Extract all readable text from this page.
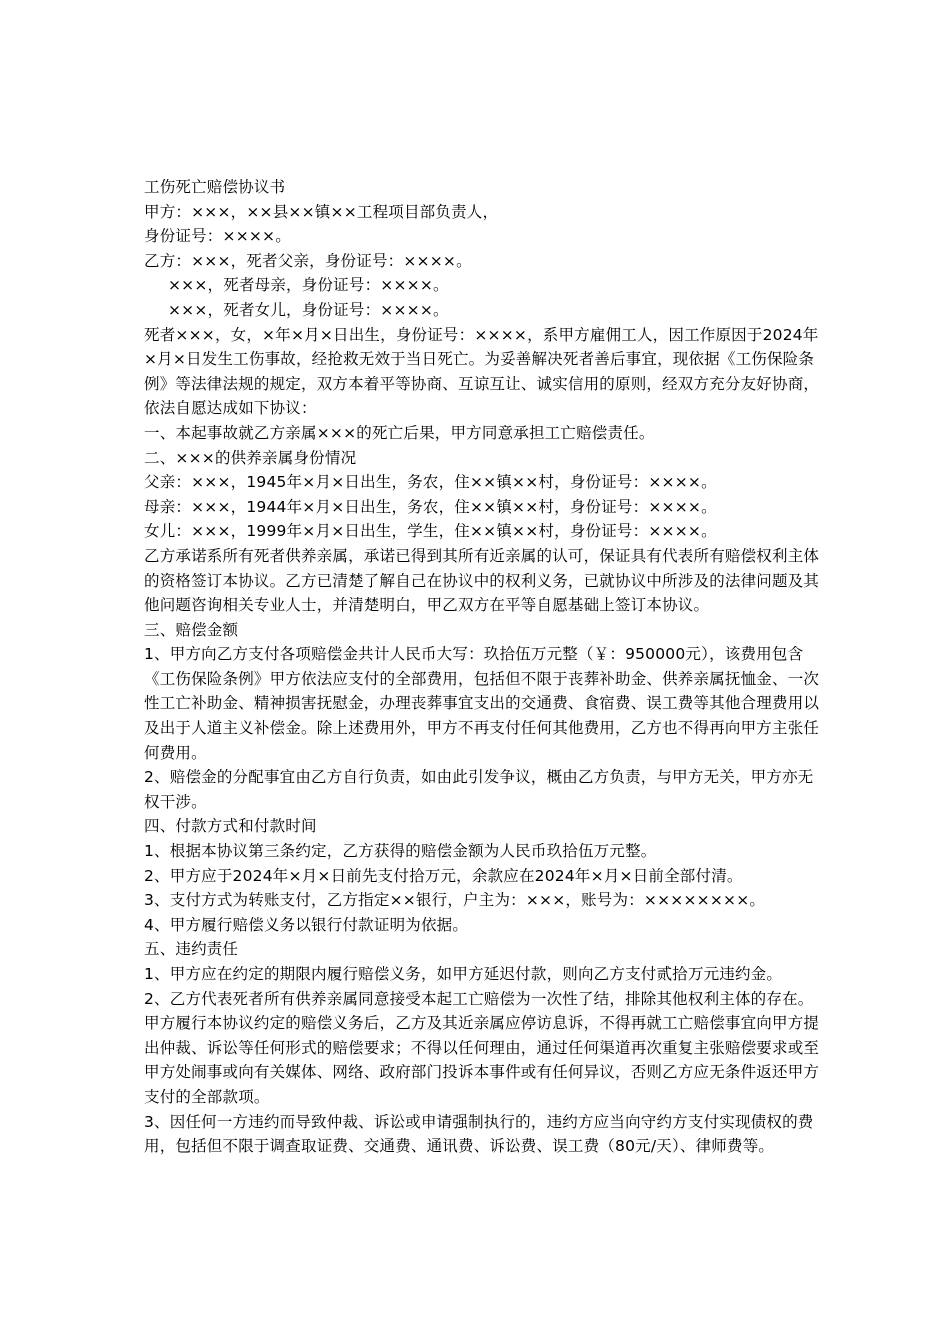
工伤死亡赔偿协议书

甲方：×××，××县××镇××工程项目部负责人，

身份证号：××××。

乙方：×××，死者父亲，身份证号：××××。

×××，死者母亲，身份证号：××××。

×××，死者女儿，身份证号：××××。

死者×××，女，×年×月×日出生，身份证号：××××，系甲方雇佣工人，因工作原因于2024年×月×日发生工伤事故，经抢救无效于当日死亡。为妥善解决死者善后事宜，现依据《工伤保险条例》等法律法规的规定，双方本着平等协商、互谅互让、诚实信用的原则，经双方充分友好协商，依法自愿达成如下协议：

一、本起事故就乙方亲属×××的死亡后果，甲方同意承担工亡赔偿责任。

二、×××的供养亲属身份情况

父亲：×××，1945年×月×日出生，务农，住××镇××村，身份证号：××××。

母亲：×××，1944年×月×日出生，务农，住××镇××村，身份证号：××××。

女儿：×××，1999年×月×日出生，学生，住××镇××村，身份证号：××××。

乙方承诺系所有死者供养亲属，承诺已得到其所有近亲属的认可，保证具有代表所有赔偿权利主体的资格签订本协议。乙方已清楚了解自己在协议中的权利义务，已就协议中所涉及的法律问题及其他问题咨询相关专业人士，并清楚明白，甲乙双方在平等自愿基础上签订本协议。

三、赔偿金额

1、甲方向乙方支付各项赔偿金共计人民币大写：玖拾伍万元整（￥：950000元），该费用包含《工伤保险条例》甲方依法应支付的全部费用，包括但不限于丧葬补助金、供养亲属抚恤金、一次性工亡补助金、精神损害抚慰金，办理丧葬事宜支出的交通费、食宿费、误工费等其他合理费用以及出于人道主义补偿金。除上述费用外，甲方不再支付任何其他费用，乙方也不得再向甲方主张任何费用。

2、赔偿金的分配事宜由乙方自行负责，如由此引发争议，概由乙方负责，与甲方无关，甲方亦无权干涉。

四、付款方式和付款时间

1、根据本协议第三条约定，乙方获得的赔偿金额为人民币玖拾伍万元整。

2、甲方应于2024年×月×日前先支付拾万元，余款应在2024年×月×日前全部付清。

3、支付方式为转账支付，乙方指定××银行，户主为：×××，账号为：××××××××。

4、甲方履行赔偿义务以银行付款证明为依据。

五、违约责任

1、甲方应在约定的期限内履行赔偿义务，如甲方延迟付款，则向乙方支付贰拾万元违约金。

2、乙方代表死者所有供养亲属同意接受本起工亡赔偿为一次性了结，排除其他权利主体的存在。甲方履行本协议约定的赔偿义务后，乙方及其近亲属应停访息诉，不得再就工亡赔偿事宜向甲方提出仲裁、诉讼等任何形式的赔偿要求；不得以任何理由，通过任何渠道再次重复主张赔偿要求或至甲方处闹事或向有关媒体、网络、政府部门投诉本事件或有任何异议，否则乙方应无条件返还甲方支付的全部款项。

3、因任何一方违约而导致仲裁、诉讼或申请强制执行的，违约方应当向守约方支付实现债权的费用，包括但不限于调查取证费、交通费、通讯费、诉讼费、误工费（80元/天）、律师费等。
